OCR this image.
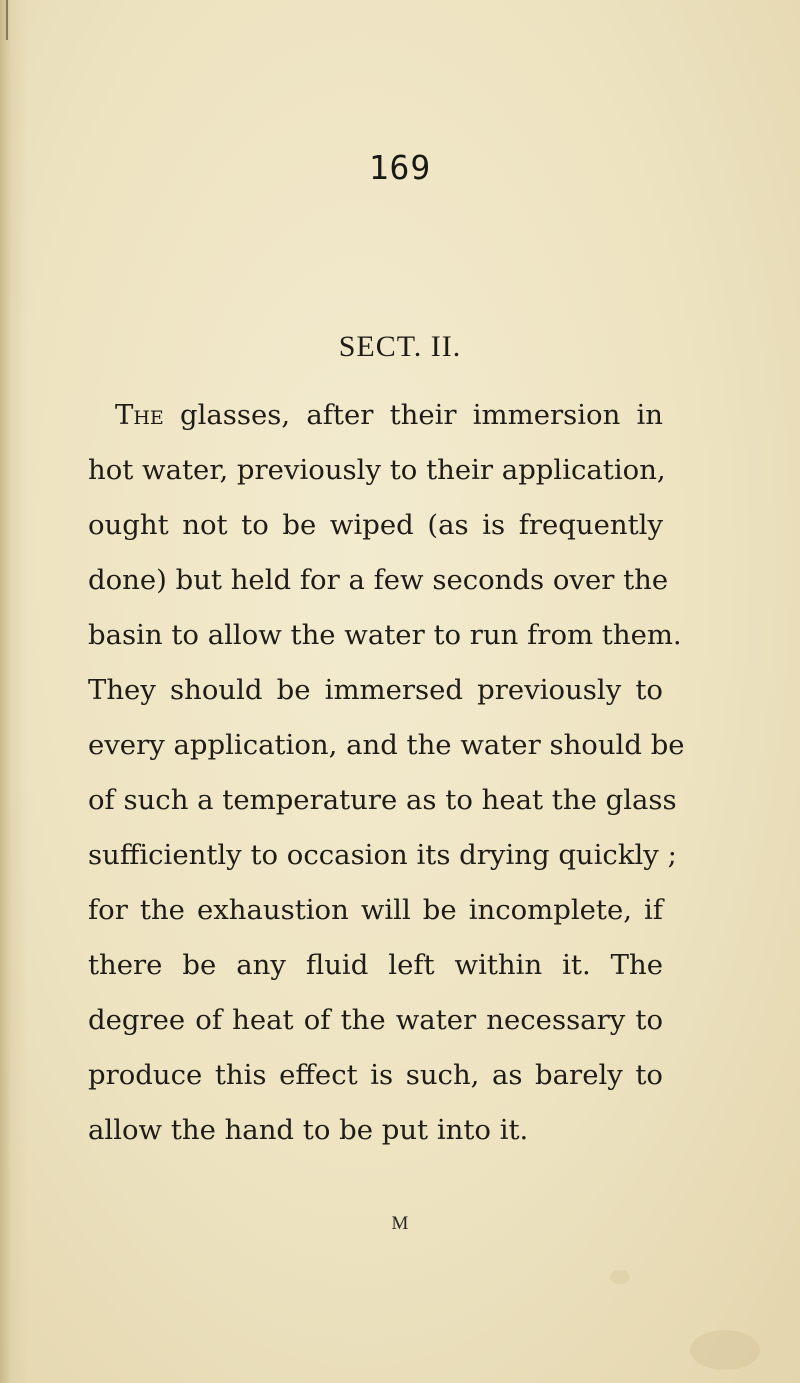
169
SECT. II.
The glasses, after their immersion in
hot water, previously to their application,
ought not to be wiped (as is frequently
done) but held for a few seconds over the
basin to allow the water to run from them.
They should be immersed previously to
every application, and the water should be
of such a temperature as to heat the glass
sufficiently to occasion its drying quickly ;
for the exhaustion will be incomplete, if
there be any fluid left within it. The
degree of heat of the water necessary to
produce this effect is such, as barely to
allow the hand to be put into it.
M
